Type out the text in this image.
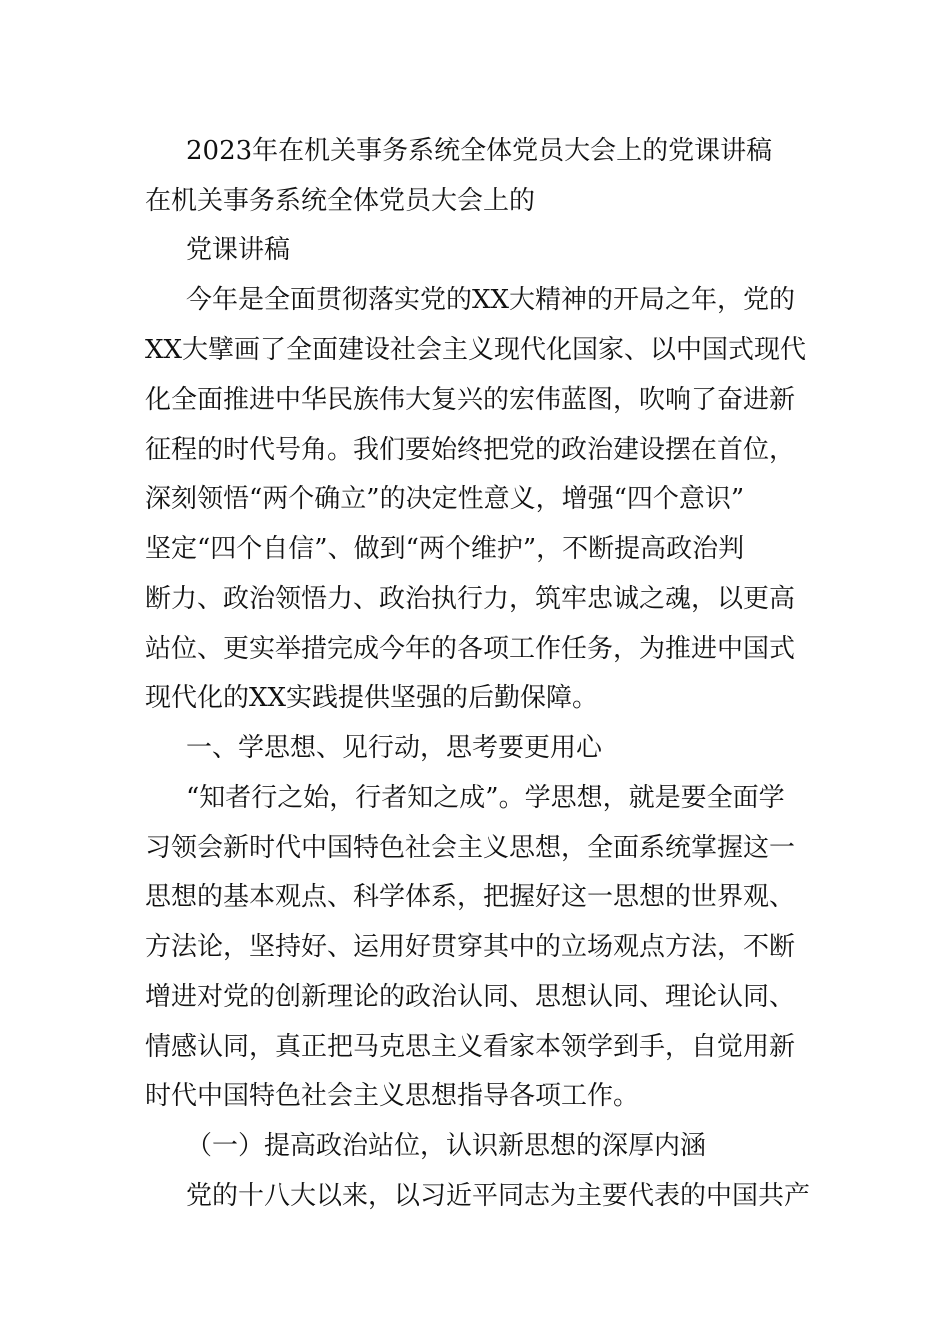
2023年在机关事务系统全体党员大会上的党课讲稿
在机关事务系统全体党员大会上的
党课讲稿
今年是全面贯彻落实党的XX大精神的开局之年，党的
XX大擘画了全面建设社会主义现代化国家、以中国式现代
化全面推进中华民族伟大复兴的宏伟蓝图，吹响了奋进新
征程的时代号角。我们要始终把党的政治建设摆在首位，
深刻领悟“两个确立”的决定性意义，增强“四个意识”
坚定“四个自信”、做到“两个维护”，不断提高政治判
断力、政治领悟力、政治执行力，筑牢忠诚之魂，以更高
站位、更实举措完成今年的各项工作任务，为推进中国式
现代化的XX实践提供坚强的后勤保障。
一、学思想、见行动，思考要更用心
“知者行之始，行者知之成”。学思想，就是要全面学
习领会新时代中国特色社会主义思想，全面系统掌握这一
思想的基本观点、科学体系，把握好这一思想的世界观、
方法论，坚持好、运用好贯穿其中的立场观点方法，不断
增进对党的创新理论的政治认同、思想认同、理论认同、
情感认同，真正把马克思主义看家本领学到手，自觉用新
时代中国特色社会主义思想指导各项工作。
（一）提高政治站位，认识新思想的深厚内涵
党的十八大以来，以习近平同志为主要代表的中国共产
